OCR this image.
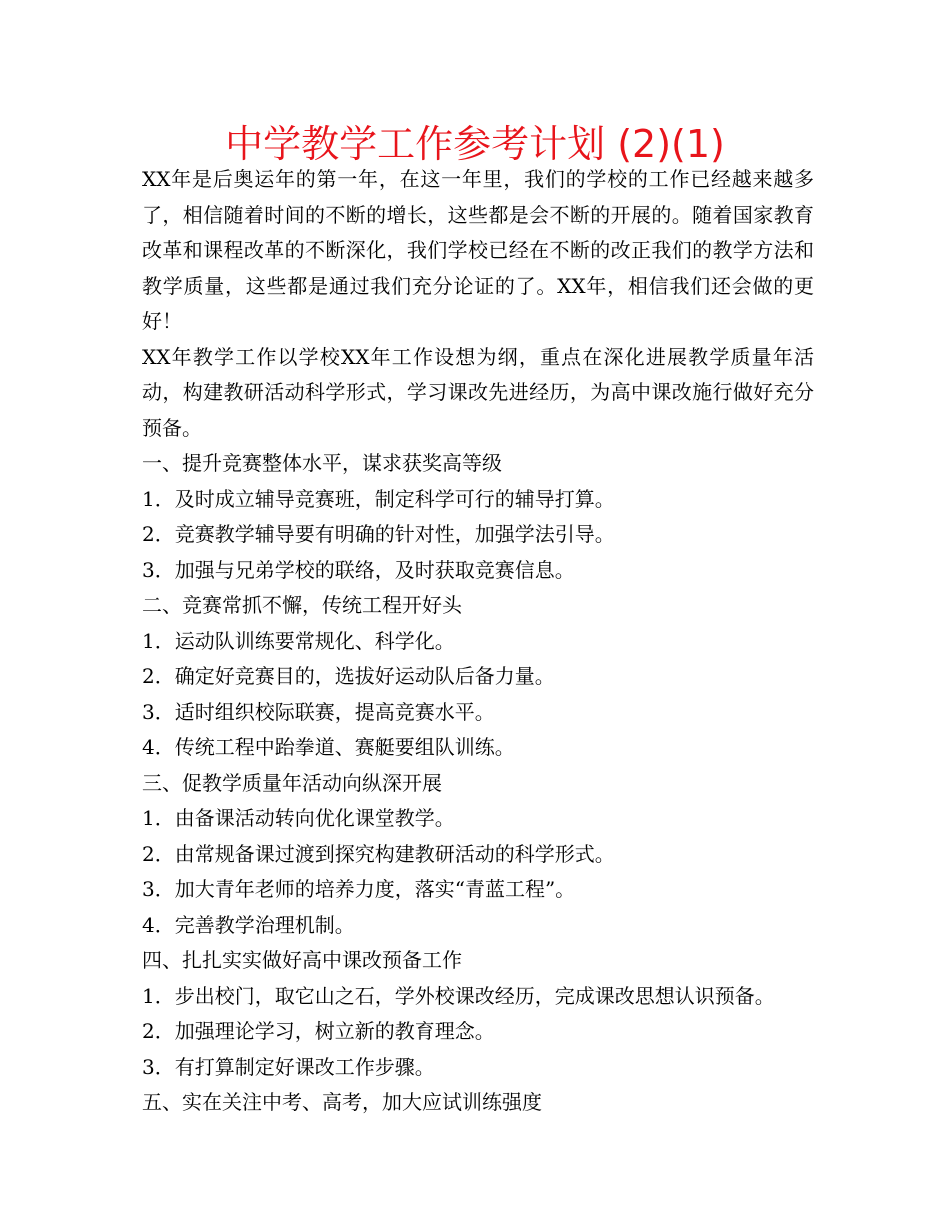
中学教学工作参考计划 (2)(1)

XX年是后奥运年的第一年，在这一年里，我们的学校的工作已经越来越多了，相信随着时间的不断的增长，这些都是会不断的开展的。随着国家教育改革和课程改革的不断深化，我们学校已经在不断的改正我们的教学方法和教学质量，这些都是通过我们充分论证的了。XX年，相信我们还会做的更好！

XX年教学工作以学校XX年工作设想为纲，重点在深化进展教学质量年活动，构建教研活动科学形式，学习课改先进经历，为高中课改施行做好充分预备。

一、提升竞赛整体水平，谋求获奖高等级

1．及时成立辅导竞赛班，制定科学可行的辅导打算。

2．竞赛教学辅导要有明确的针对性，加强学法引导。

3．加强与兄弟学校的联络，及时获取竞赛信息。

二、竞赛常抓不懈，传统工程开好头

1．运动队训练要常规化、科学化。

2．确定好竞赛目的，选拔好运动队后备力量。

3．适时组织校际联赛，提高竞赛水平。

4．传统工程中跆拳道、赛艇要组队训练。

三、促教学质量年活动向纵深开展

1．由备课活动转向优化课堂教学。

2．由常规备课过渡到探究构建教研活动的科学形式。

3．加大青年老师的培养力度，落实“青蓝工程”。

4．完善教学治理机制。

四、扎扎实实做好高中课改预备工作

1．步出校门，取它山之石，学外校课改经历，完成课改思想认识预备。

2．加强理论学习，树立新的教育理念。

3．有打算制定好课改工作步骤。

五、实在关注中考、高考，加大应试训练强度
